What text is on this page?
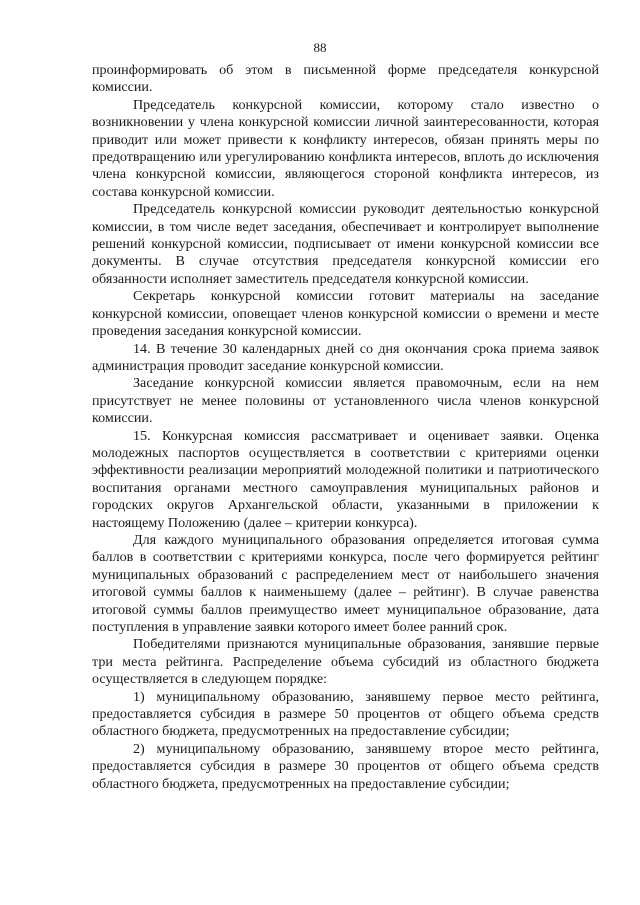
88

проинформировать об этом в письменной форме председателя конкурсной комиссии.

Председатель конкурсной комиссии, которому стало известно о возникновении у члена конкурсной комиссии личной заинтересованности, которая приводит или может привести к конфликту интересов, обязан принять меры по предотвращению или урегулированию конфликта интересов, вплоть до исключения члена конкурсной комиссии, являющегося стороной конфликта интересов, из состава конкурсной комиссии.

Председатель конкурсной комиссии руководит деятельностью конкурсной комиссии, в том числе ведет заседания, обеспечивает и контролирует выполнение решений конкурсной комиссии, подписывает от имени конкурсной комиссии все документы. В случае отсутствия председателя конкурсной комиссии его обязанности исполняет заместитель председателя конкурсной комиссии.

Секретарь конкурсной комиссии готовит материалы на заседание конкурсной комиссии, оповещает членов конкурсной комиссии о времени и месте проведения заседания конкурсной комиссии.

14. В течение 30 календарных дней со дня окончания срока приема заявок администрация проводит заседание конкурсной комиссии.

Заседание конкурсной комиссии является правомочным, если на нем присутствует не менее половины от установленного числа членов конкурсной комиссии.

15. Конкурсная комиссия рассматривает и оценивает заявки. Оценка молодежных паспортов осуществляется в соответствии с критериями оценки эффективности реализации мероприятий молодежной политики и патриотического воспитания органами местного самоуправления муниципальных районов и городских округов Архангельской области, указанными в приложении к настоящему Положению (далее – критерии конкурса).

Для каждого муниципального образования определяется итоговая сумма баллов в соответствии с критериями конкурса, после чего формируется рейтинг муниципальных образований с распределением мест от наибольшего значения итоговой суммы баллов к наименьшему (далее – рейтинг). В случае равенства итоговой суммы баллов преимущество имеет муниципальное образование, дата поступления в управление заявки которого имеет более ранний срок.

Победителями признаются муниципальные образования, занявшие первые три места рейтинга. Распределение объема субсидий из областного бюджета осуществляется в следующем порядке:

1) муниципальному образованию, занявшему первое место рейтинга, предоставляется субсидия в размере 50 процентов от общего объема средств областного бюджета, предусмотренных на предоставление субсидии;

2) муниципальному образованию, занявшему второе место рейтинга, предоставляется субсидия в размере 30 процентов от общего объема средств областного бюджета, предусмотренных на предоставление субсидии;
